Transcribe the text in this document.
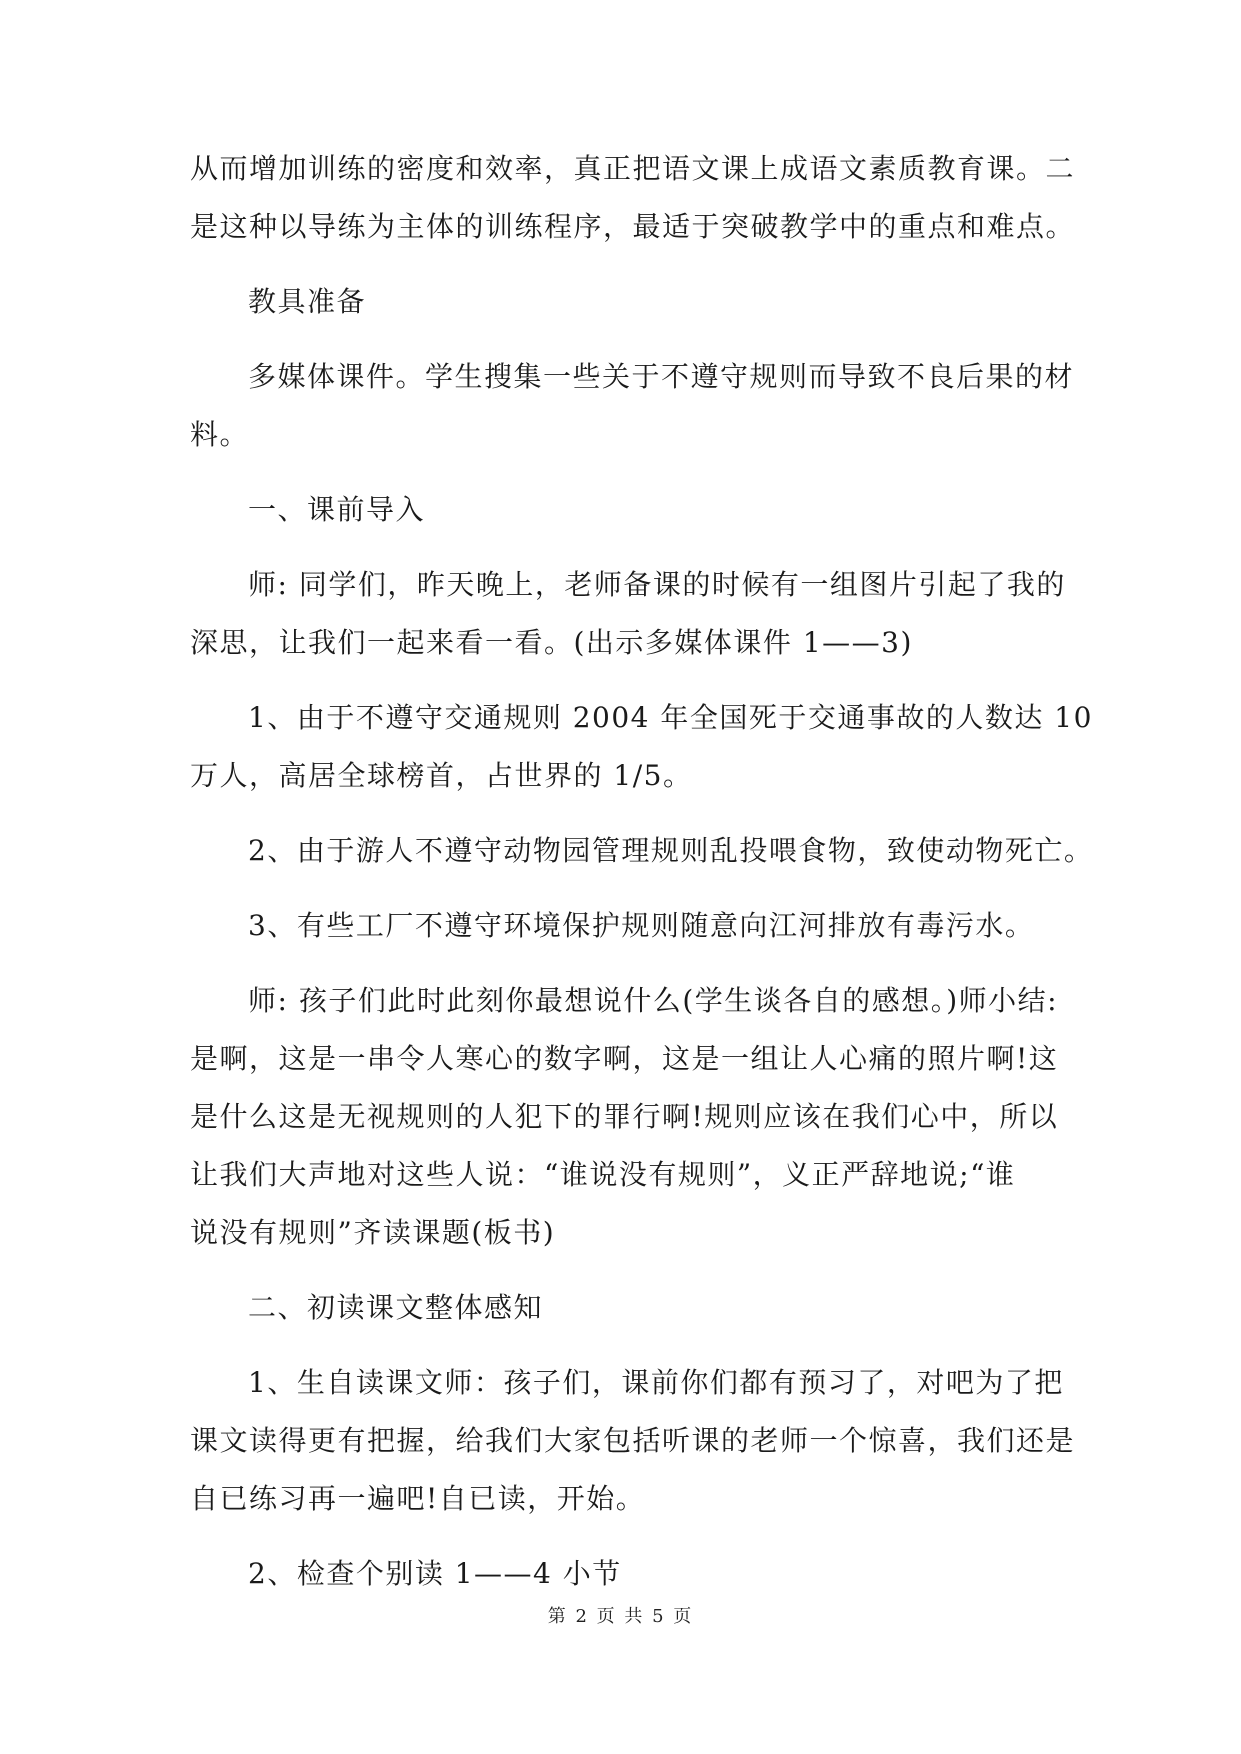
从而增加训练的密度和效率，真正把语文课上成语文素质教育课。二
是这种以导练为主体的训练程序，最适于突破教学中的重点和难点。
教具准备
多媒体课件。学生搜集一些关于不遵守规则而导致不良后果的材
料。
一、课前导入
师: 同学们，昨天晚上，老师备课的时候有一组图片引起了我的
深思，让我们一起来看一看。(出示多媒体课件 1——3)
1、由于不遵守交通规则 2004 年全国死于交通事故的人数达 10
万人，高居全球榜首，占世界的 1/5。
2、由于游人不遵守动物园管理规则乱投喂食物，致使动物死亡。
3、有些工厂不遵守环境保护规则随意向江河排放有毒污水。
师: 孩子们此时此刻你最想说什么(学生谈各自的感想。)师小结:
是啊，这是一串令人寒心的数字啊，这是一组让人心痛的照片啊!这
是什么这是无视规则的人犯下的罪行啊!规则应该在我们心中，所以
让我们大声地对这些人说：“谁说没有规则”，义正严辞地说;“谁
说没有规则”齐读课题(板书)
二、初读课文整体感知
1、生自读课文师：孩子们，课前你们都有预习了，对吧为了把
课文读得更有把握，给我们大家包括听课的老师一个惊喜，我们还是
自已练习再一遍吧!自已读，开始。
2、检查个别读 1——4 小节
第 2 页 共 5 页
